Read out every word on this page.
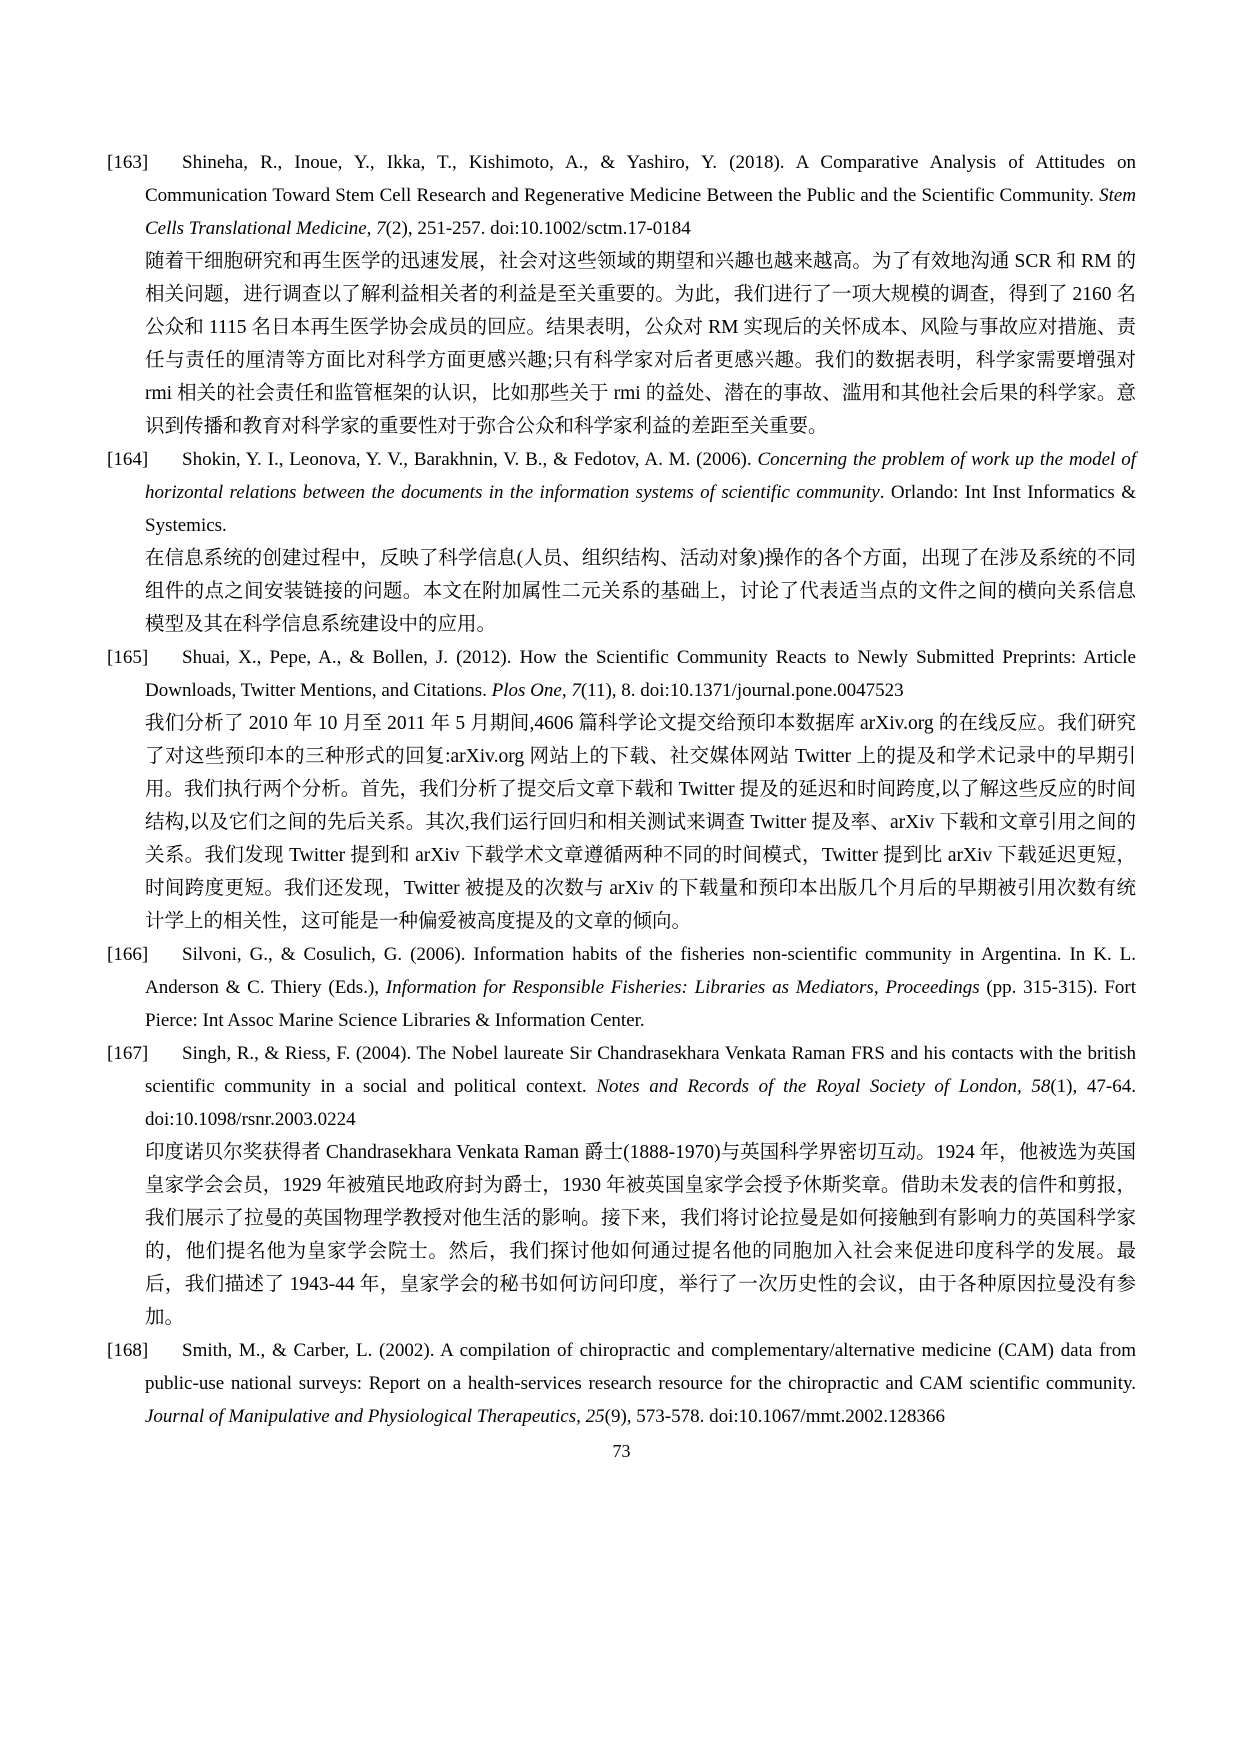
[163] Shineha, R., Inoue, Y., Ikka, T., Kishimoto, A., & Yashiro, Y. (2018). A Comparative Analysis of Attitudes on Communication Toward Stem Cell Research and Regenerative Medicine Between the Public and the Scientific Community. Stem Cells Translational Medicine, 7(2), 251-257. doi:10.1002/sctm.17-0184

随着干细胞研究和再生医学的迅速发展，社会对这些领域的期望和兴趣也越来越高。为了有效地沟通 SCR 和 RM 的相关问题，进行调查以了解利益相关者的利益是至关重要的。为此，我们进行了一项大规模的调查，得到了 2160 名公众和 1115 名日本再生医学协会成员的回应。结果表明，公众对 RM 实现后的关怀成本、风险与事故应对措施、责任与责任的厘清等方面比对科学方面更感兴趣;只有科学家对后者更感兴趣。我们的数据表明，科学家需要增强对 rmi 相关的社会责任和监管框架的认识，比如那些关于 rmi 的益处、潜在的事故、滥用和其他社会后果的科学家。意识到传播和教育对科学家的重要性对于弥合公众和科学家利益的差距至关重要。

[164] Shokin, Y. I., Leonova, Y. V., Barakhnin, V. B., & Fedotov, A. M. (2006). Concerning the problem of work up the model of horizontal relations between the documents in the information systems of scientific community. Orlando: Int Inst Informatics & Systemics.

在信息系统的创建过程中，反映了科学信息(人员、组织结构、活动对象)操作的各个方面，出现了在涉及系统的不同组件的点之间安装链接的问题。本文在附加属性二元关系的基础上，讨论了代表适当点的文件之间的横向关系信息模型及其在科学信息系统建设中的应用。

[165] Shuai, X., Pepe, A., & Bollen, J. (2012). How the Scientific Community Reacts to Newly Submitted Preprints: Article Downloads, Twitter Mentions, and Citations. Plos One, 7(11), 8. doi:10.1371/journal.pone.0047523

我们分析了 2010 年 10 月至 2011 年 5 月期间,4606 篇科学论文提交给预印本数据库 arXiv.org 的在线反应。我们研究了对这些预印本的三种形式的回复:arXiv.org 网站上的下载、社交媒体网站 Twitter 上的提及和学术记录中的早期引用。我们执行两个分析。首先，我们分析了提交后文章下载和 Twitter 提及的延迟和时间跨度,以了解这些反应的时间结构,以及它们之间的先后关系。其次,我们运行回归和相关测试来调查 Twitter 提及率、arXiv 下载和文章引用之间的关系。我们发现 Twitter 提到和 arXiv 下载学术文章遵循两种不同的时间模式，Twitter 提到比 arXiv 下载延迟更短，时间跨度更短。我们还发现，Twitter 被提及的次数与 arXiv 的下载量和预印本出版几个月后的早期被引用次数有统计学上的相关性，这可能是一种偏爱被高度提及的文章的倾向。

[166] Silvoni, G., & Cosulich, G. (2006). Information habits of the fisheries non-scientific community in Argentina. In K. L. Anderson & C. Thiery (Eds.), Information for Responsible Fisheries: Libraries as Mediators, Proceedings (pp. 315-315). Fort Pierce: Int Assoc Marine Science Libraries & Information Center.

[167] Singh, R., & Riess, F. (2004). The Nobel laureate Sir Chandrasekhara Venkata Raman FRS and his contacts with the british scientific community in a social and political context. Notes and Records of the Royal Society of London, 58(1), 47-64. doi:10.1098/rsnr.2003.0224

印度诺贝尔奖获得者 Chandrasekhara Venkata Raman 爵士(1888-1970)与英国科学界密切互动。1924 年，他被选为英国皇家学会会员，1929 年被殖民地政府封为爵士，1930 年被英国皇家学会授予休斯奖章。借助未发表的信件和剪报，我们展示了拉曼的英国物理学教授对他生活的影响。接下来，我们将讨论拉曼是如何接触到有影响力的英国科学家的，他们提名他为皇家学会院士。然后，我们探讨他如何通过提名他的同胞加入社会来促进印度科学的发展。最后，我们描述了 1943-44 年，皇家学会的秘书如何访问印度，举行了一次历史性的会议，由于各种原因拉曼没有参加。

[168] Smith, M., & Carber, L. (2002). A compilation of chiropractic and complementary/alternative medicine (CAM) data from public-use national surveys: Report on a health-services research resource for the chiropractic and CAM scientific community. Journal of Manipulative and Physiological Therapeutics, 25(9), 573-578. doi:10.1067/mmt.2002.128366

73
